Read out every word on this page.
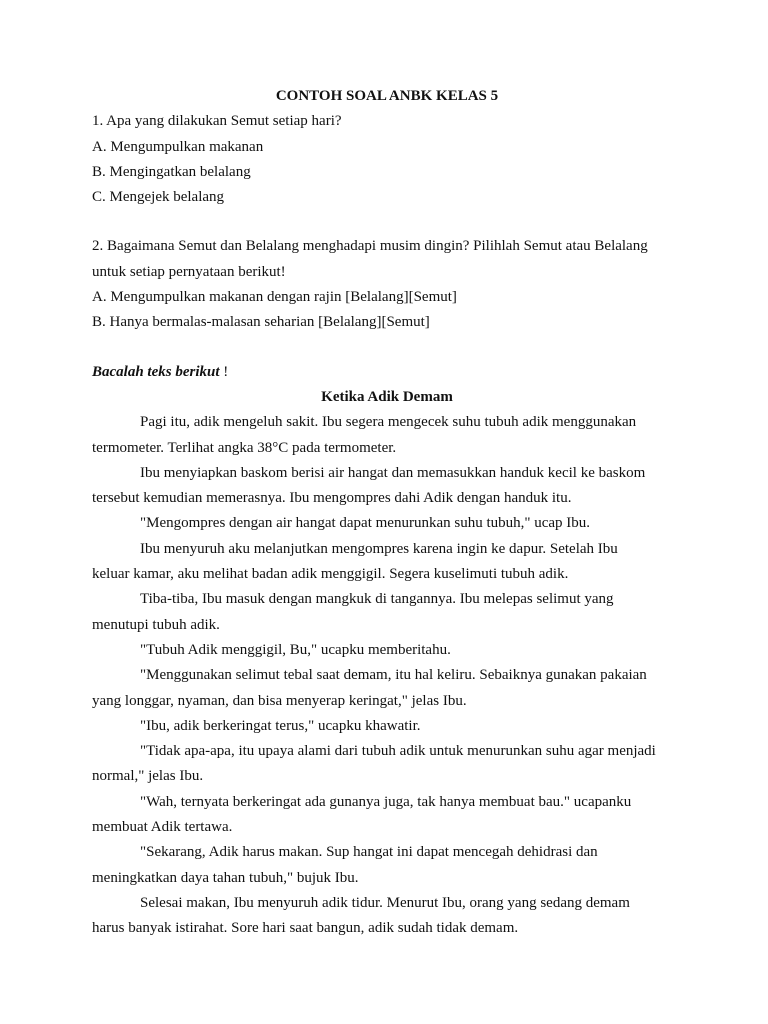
CONTOH SOAL ANBK KELAS 5
1. Apa yang dilakukan Semut setiap hari?
A. Mengumpulkan makanan
B. Mengingatkan belalang
C. Mengejek belalang
2. Bagaimana Semut dan Belalang menghadapi musim dingin? Pilihlah Semut atau Belalang
untuk setiap pernyataan berikut!
A. Mengumpulkan makanan dengan rajin [Belalang][Semut]
B. Hanya bermalas-malasan seharian [Belalang][Semut]
Bacalah teks berikut !
Ketika Adik Demam
Pagi itu, adik mengeluh sakit. Ibu segera mengecek suhu tubuh adik menggunakan
termometer. Terlihat angka 38°C pada termometer.
Ibu menyiapkan baskom berisi air hangat dan memasukkan handuk kecil ke baskom
tersebut kemudian memerasnya. Ibu mengompres dahi Adik dengan handuk itu.
"Mengompres dengan air hangat dapat menurunkan suhu tubuh," ucap Ibu.
Ibu menyuruh aku melanjutkan mengompres karena ingin ke dapur. Setelah Ibu
keluar kamar, aku melihat badan adik menggigil. Segera kuselimuti tubuh adik.
Tiba-tiba, Ibu masuk dengan mangkuk di tangannya. Ibu melepas selimut yang
menutupi tubuh adik.
"Tubuh Adik menggigil, Bu," ucapku memberitahu.
"Menggunakan selimut tebal saat demam, itu hal keliru. Sebaiknya gunakan pakaian
yang longgar, nyaman, dan bisa menyerap keringat," jelas Ibu.
"Ibu, adik berkeringat terus," ucapku khawatir.
"Tidak apa-apa, itu upaya alami dari tubuh adik untuk menurunkan suhu agar menjadi
normal," jelas Ibu.
"Wah, ternyata berkeringat ada gunanya juga, tak hanya membuat bau." ucapanku
membuat Adik tertawa.
"Sekarang, Adik harus makan. Sup hangat ini dapat mencegah dehidrasi dan
meningkatkan daya tahan tubuh," bujuk Ibu.
Selesai makan, Ibu menyuruh adik tidur. Menurut Ibu, orang yang sedang demam
harus banyak istirahat. Sore hari saat bangun, adik sudah tidak demam.
